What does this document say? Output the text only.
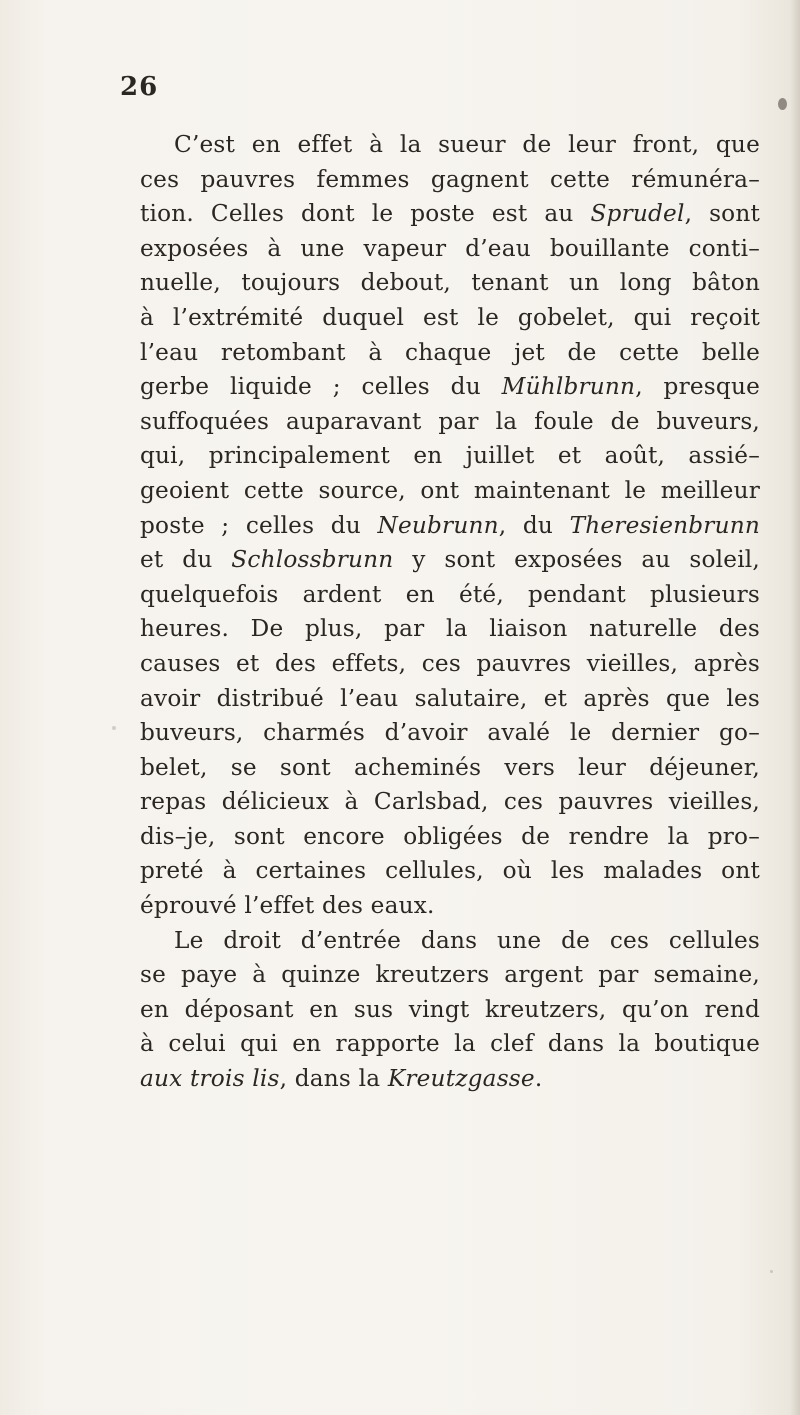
26
C’est en effet à la sueur de leur front, que
ces pauvres femmes gagnent cette rémunéra–
tion. Celles dont le poste est au Sprudel, sont
exposées à une vapeur d’eau bouillante conti–
nuelle, toujours debout, tenant un long bâton
à l’extrémité duquel est le gobelet, qui reçoit
l’eau retombant à chaque jet de cette belle
gerbe liquide ; celles du Mühlbrunn, presque
suffoquées auparavant par la foule de buveurs,
qui, principalement en juillet et août, assié–
geoient cette source, ont maintenant le meilleur
poste ; celles du Neubrunn, du Theresienbrunn
et du Schlossbrunn y sont exposées au soleil,
quelquefois ardent en été, pendant plusieurs
heures. De plus, par la liaison naturelle des
causes et des effets, ces pauvres vieilles, après
avoir distribué l’eau salutaire, et après que les
buveurs, charmés d’avoir avalé le dernier go–
belet, se sont acheminés vers leur déjeuner,
repas délicieux à Carlsbad, ces pauvres vieilles,
dis–je, sont encore obligées de rendre la pro–
preté à certaines cellules, où les malades ont
éprouvé l’effet des eaux.
Le droit d’entrée dans une de ces cellules
se paye à quinze kreutzers argent par semaine,
en déposant en sus vingt kreutzers, qu’on rend
à celui qui en rapporte la clef dans la boutique
aux trois lis, dans la Kreutzgasse.
